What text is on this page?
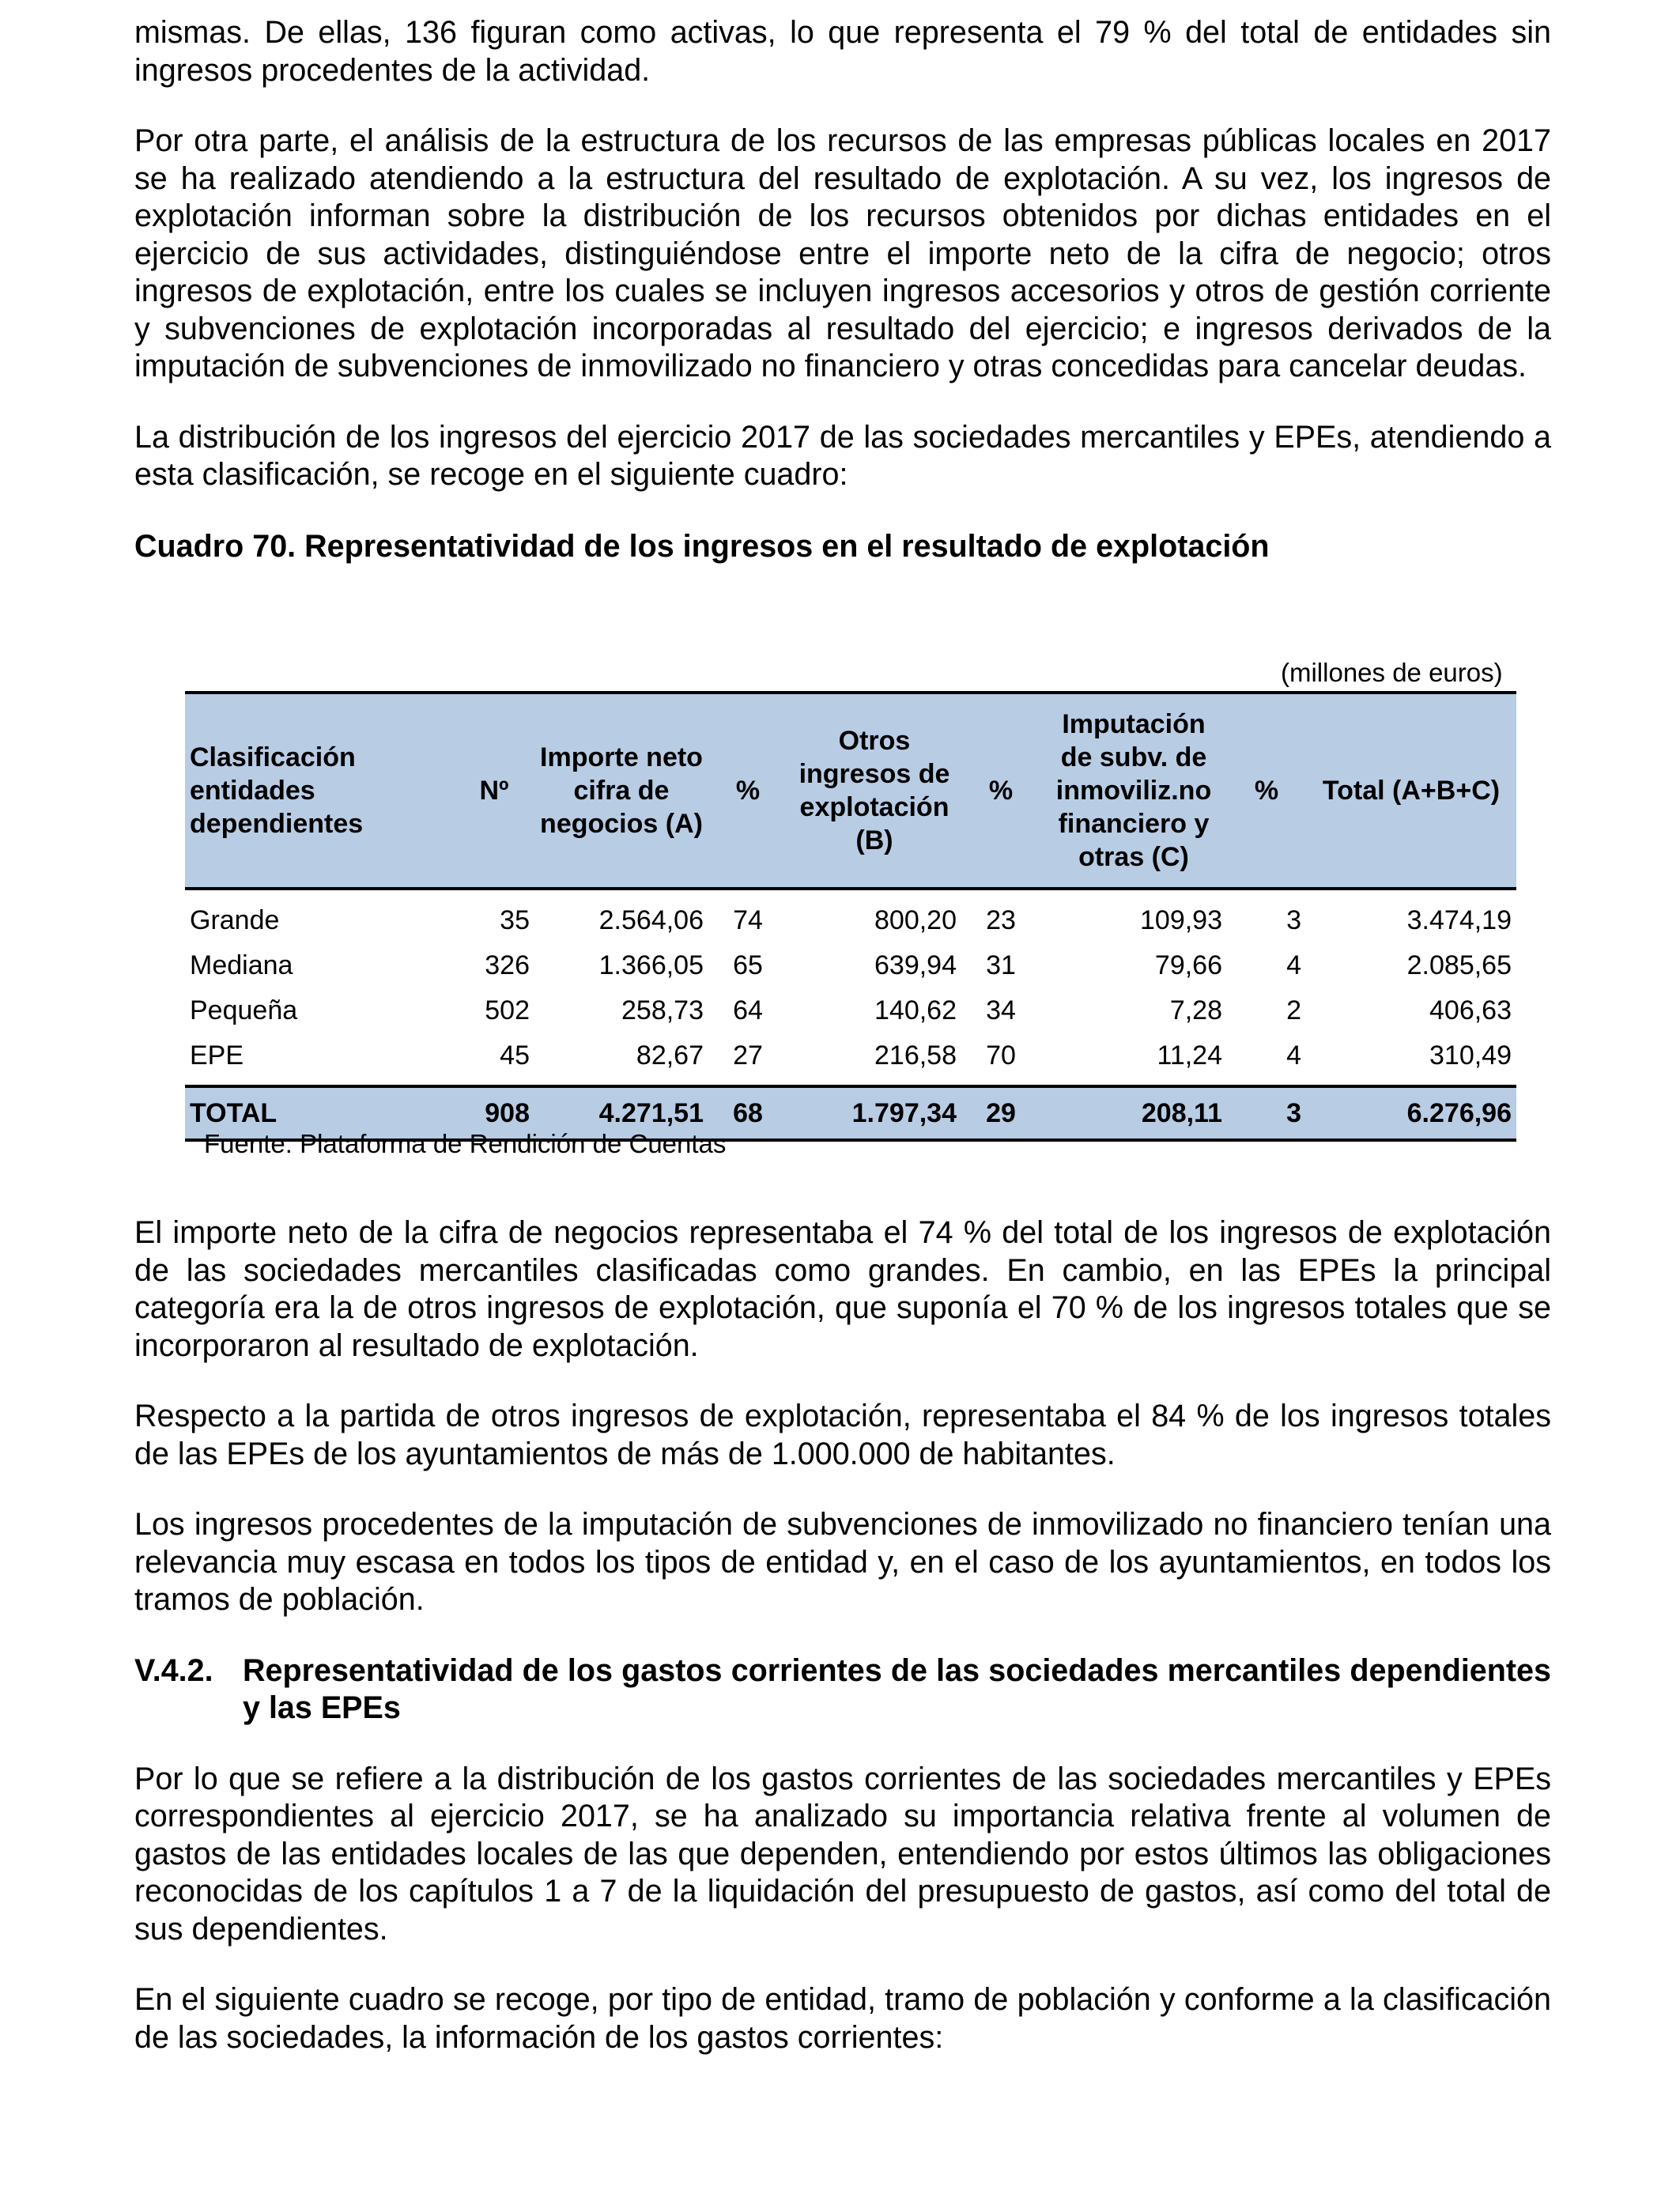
mismas. De ellas, 136 figuran como activas, lo que representa el 79 % del total de entidades sin ingresos procedentes de la actividad.

Por otra parte, el análisis de la estructura de los recursos de las empresas públicas locales en 2017 se ha realizado atendiendo a la estructura del resultado de explotación. A su vez, los ingresos de explotación informan sobre la distribución de los recursos obtenidos por dichas entidades en el ejercicio de sus actividades, distinguiéndose entre el importe neto de la cifra de negocio; otros ingresos de explotación, entre los cuales se incluyen ingresos accesorios y otros de gestión corriente y subvenciones de explotación incorporadas al resultado del ejercicio; e ingresos derivados de la imputación de subvenciones de inmovilizado no financiero y otras concedidas para cancelar deudas.

La distribución de los ingresos del ejercicio 2017 de las sociedades mercantiles y EPEs, atendiendo a esta clasificación, se recoge en el siguiente cuadro:

Cuadro 70. Representatividad de los ingresos en el resultado de explotación
(millones de euros)
Clasificación entidades dependientes	Nº	Importe neto cifra de negocios (A)	%	Otros ingresos de explotación (B)	%	Imputación de subv. de inmoviliz.no financiero y otras (C)	%	Total (A+B+C)

Grande	35	2.564,06	74	800,20	23	109,93	3	3.474,19
Mediana	326	1.366,05	65	639,94	31	79,66	4	2.085,65
Pequeña	502	258,73	64	140,62	34	7,28	2	406,63
EPE	45	82,67	27	216,58	70	11,24	4	310,49

TOTAL	908	4.271,51	68	1.797,34	29	208,11	3	6.276,96
Fuente: Plataforma de Rendición de Cuentas

El importe neto de la cifra de negocios representaba el 74 % del total de los ingresos de explotación de las sociedades mercantiles clasificadas como grandes. En cambio, en las EPEs la principal categoría era la de otros ingresos de explotación, que suponía el 70 % de los ingresos totales que se incorporaron al resultado de explotación.

Respecto a la partida de otros ingresos de explotación, representaba el 84 % de los ingresos totales de las EPEs de los ayuntamientos de más de 1.000.000 de habitantes.

Los ingresos procedentes de la imputación de subvenciones de inmovilizado no financiero tenían una relevancia muy escasa en todos los tipos de entidad y, en el caso de los ayuntamientos, en todos los tramos de población.

V.4.2. Representatividad de los gastos corrientes de las sociedades mercantiles dependientes y las EPEs

Por lo que se refiere a la distribución de los gastos corrientes de las sociedades mercantiles y EPEs correspondientes al ejercicio 2017, se ha analizado su importancia relativa frente al volumen de gastos de las entidades locales de las que dependen, entendiendo por estos últimos las obligaciones reconocidas de los capítulos 1 a 7 de la liquidación del presupuesto de gastos, así como del total de sus dependientes.

En el siguiente cuadro se recoge, por tipo de entidad, tramo de población y conforme a la clasificación de las sociedades, la información de los gastos corrientes:
